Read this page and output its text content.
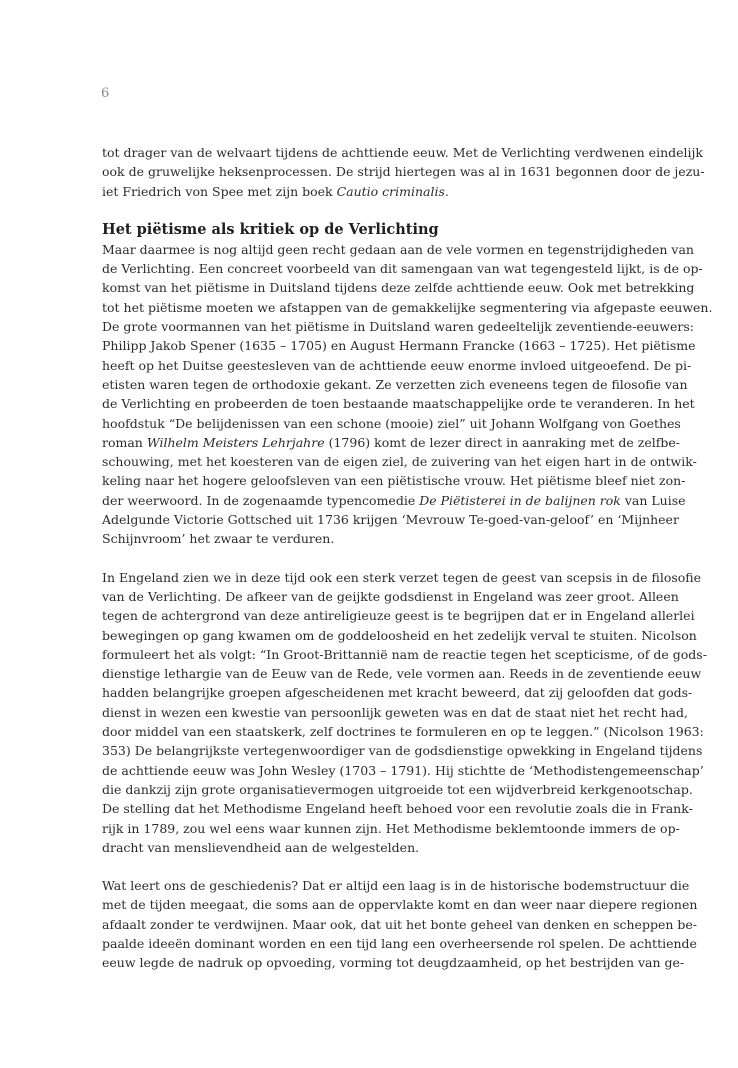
6

tot drager van de welvaart tijdens de achttiende eeuw. Met de Verlichting verdwenen eindelijk
ook de gruwelijke heksenprocessen. De strijd hiertegen was al in 1631 begonnen door de jezu-
iet Friedrich von Spee met zijn boek Cautio criminalis.

Het piëtisme als kritiek op de Verlichting

Maar daarmee is nog altijd geen recht gedaan aan de vele vormen en tegenstrijdigheden van
de Verlichting. Een concreet voorbeeld van dit samengaan van wat tegengesteld lijkt, is de op-
komst van het piëtisme in Duitsland tijdens deze zelfde achttiende eeuw. Ook met betrekking
tot het piëtisme moeten we afstappen van de gemakkelijke segmentering via afgepaste eeuwen.
De grote voormannen van het piëtisme in Duitsland waren gedeeltelijk zeventiende-eeuwers:
Philipp Jakob Spener (1635 – 1705) en August Hermann Francke (1663 – 1725). Het piëtisme
heeft op het Duitse geestesleven van de achttiende eeuw enorme invloed uitgeoefend. De pi-
etisten waren tegen de orthodoxie gekant. Ze verzetten zich eveneens tegen de filosofie van
de Verlichting en probeerden de toen bestaande maatschappelijke orde te veranderen. In het
hoofdstuk “De belijdenissen van een schone (mooie) ziel” uit Johann Wolfgang von Goethes
roman Wilhelm Meisters Lehrjahre (1796) komt de lezer direct in aanraking met de zelfbe-
schouwing, met het koesteren van de eigen ziel, de zuivering van het eigen hart in de ontwik-
keling naar het hogere geloofsleven van een piëtistische vrouw. Het piëtisme bleef niet zon-
der weerwoord. In de zogenaamde typencomedie De Piëtisterei in de balijnen rok van Luise
Adelgunde Victorie Gottsched uit 1736 krijgen ‘Mevrouw Te-goed-van-geloof’ en ‘Mijnheer
Schijnvroom’ het zwaar te verduren.

In Engeland zien we in deze tijd ook een sterk verzet tegen de geest van scepsis in de filosofie
van de Verlichting. De afkeer van de geijkte godsdienst in Engeland was zeer groot. Alleen
tegen de achtergrond van deze antireligieuze geest is te begrijpen dat er in Engeland allerlei
bewegingen op gang kwamen om de goddeloosheid en het zedelijk verval te stuiten. Nicolson
formuleert het als volgt: “In Groot-Brittannië nam de reactie tegen het scepticisme, of de gods-
dienstige lethargie van de Eeuw van de Rede, vele vormen aan. Reeds in de zeventiende eeuw
hadden belangrijke groepen afgescheidenen met kracht beweerd, dat zij geloofden dat gods-
dienst in wezen een kwestie van persoonlijk geweten was en dat de staat niet het recht had,
door middel van een staatskerk, zelf doctrines te formuleren en op te leggen.” (Nicolson 1963:
353) De belangrijkste vertegenwoordiger van de godsdienstige opwekking in Engeland tijdens
de achttiende eeuw was John Wesley (1703 – 1791). Hij stichtte de ‘Methodistengemeenschap’
die dankzij zijn grote organisatievermogen uitgroeide tot een wijdverbreid kerkgenootschap.
De stelling dat het Methodisme Engeland heeft behoed voor een revolutie zoals die in Frank-
rijk in 1789, zou wel eens waar kunnen zijn. Het Methodisme beklemtoonde immers de op-
dracht van menslievendheid aan de welgestelden.

Wat leert ons de geschiedenis? Dat er altijd een laag is in de historische bodemstructuur die
met de tijden meegaat, die soms aan de oppervlakte komt en dan weer naar diepere regionen
afdaalt zonder te verdwijnen. Maar ook, dat uit het bonte geheel van denken en scheppen be-
paalde ideeën dominant worden en een tijd lang een overheersende rol spelen. De achttiende
eeuw legde de nadruk op opvoeding, vorming tot deugdzaamheid, op het bestrijden van ge-
